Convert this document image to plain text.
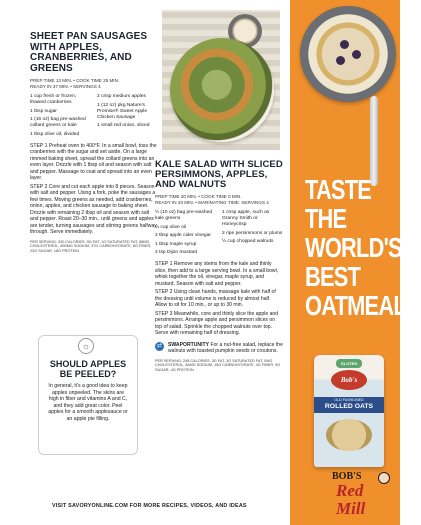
SHEET PAN SAUSAGES WITH APPLES, CRANBERRIES, AND GREENS
PREP TIME 13 MIN. • COOK TIME 25 MIN.
READY IN 37 MIN. • SERVINGS 4
1 cup fresh or frozen, thawed cranberries
1 tbsp sugar
1 (16 oz) bag pre-washed collard greens or kale
1 tbsp olive oil, divided
2 crisp medium apples
1 (12 oz) pkg Nature's Promise® Sweet Apple Chicken Sausage
1 small red onion, sliced

STEP 1 Preheat oven to 400°F. In a small bowl, toss the cranberries with the sugar and set aside. On a large rimmed baking sheet, spread the collard greens into an even layer. Drizzle with 1 tbsp oil and season with salt and pepper. Massage to coat and spread into an even layer.

STEP 2 Core and cut each apple into 8 pieces. Season with salt and pepper. Using a fork, poke the sausages a few times. Moving greens as needed, add cranberries, onion, apples, and chicken sausage to baking sheet. Drizzle with remaining 2 tbsp oil and season with salt and pepper. Roast 20–30 min., until greens and apples are tender, turning sausages and stirring greens halfway through. Serve immediately.

PER SERVING: 330 CALORIES, 9G FAT, 1G SATURATED FAT, 88MG CHOLESTEROL, 890MG SODIUM, 37G CARBOHYDRATE, 8G FIBER, 23G SUGAR, 18G PROTEIN
☼
SHOULD APPLES BE PEELED?

In general, it's a good idea to keep apples unpeeled. The skins are high in fiber and vitamins A and C, and they add great color. Peel apples for a smooth applesauce or an apple pie filling.

KALE SALAD WITH SLICED PERSIMMONS, APPLES, AND WALNUTS
PREP TIME 20 MIN. • COOK TIME 0 MIN.
READY IN 20 MIN. • MARINATING TIME: SERVINGS 4
½ (10 oz) bag pre-washed kale greens
¼ cup olive oil
2 tbsp apple cider vinegar
1 tbsp maple syrup
2 tsp Dijon mustard
1 crisp apple, such as Granny Smith or Honeycrisp
2 ripe persimmons or plums
½ cup chopped walnuts

STEP 1 Remove any stems from the kale and thinly slice, then add to a large serving bowl. In a small bowl, whisk together the oil, vinegar, maple syrup, and mustard. Season with salt and pepper.

STEP 2 Using clean hands, massage kale with half of the dressing until volume is reduced by almost half. Allow to sit for 10 min., or up to 30 min.

STEP 3 Meanwhile, core and thinly slice the apple and persimmons. Arrange apple and persimmon slices on top of salad. Sprinkle the chopped walnuts over top. Serve with remaining half of dressing.

⇄	SWAPORTUNITY For a nut-free salad, replace the walnuts with toasted pumpkin seeds or croutons.

PER SERVING: 248 CALORIES, 3G FAT, 3G SATURATED FAT, 0MG CHOLESTEROL, 84MG SODIUM, 15G CARBOHYDRATE, 4G FIBER, 9G SUGAR, 4G PROTEIN
TASTE
THE
WORLD'S
BEST
OATMEAL®
GLUTEN
Bob's
OLD FASHIONED
ROLLED OATS
BOB'S
Red Mill
VISIT SAVORYONLINE.COM FOR MORE RECIPES, VIDEOS, AND IDEAS
